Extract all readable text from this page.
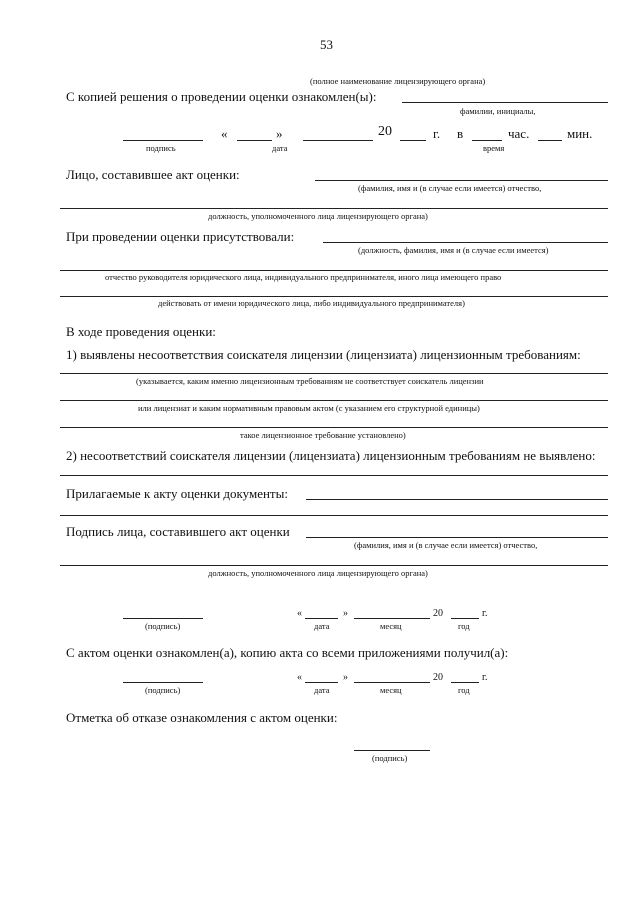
53
(полное наименование лицензирующего органа)
С копией решения о проведении оценки ознакомлен(ы):
фамилии, инициалы,
«	»	20	г. в	час.	мин.
подпись	дата	время
Лицо, составившее акт оценки:
(фамилия, имя и (в случае если имеется) отчество,
должность, уполномоченного лица лицензирующего органа)
При проведении оценки присутствовали:
(должность, фамилия, имя и (в случае если имеется)
отчество руководителя юридического лица, индивидуального предпринимателя, иного лица имеющего право
действовать от имени юридического лица, либо индивидуального предпринимателя)
В ходе проведения оценки:
1) выявлены несоответствия соискателя лицензии (лицензиата) лицензионным требованиям:
(указывается, каким именно лицензионным требованиям не соответствует соискатель лицензии
или лицензиат и каким нормативным правовым актом (с указанием его структурной единицы)
такое лицензионное требование установлено)
2) несоответствий соискателя лицензии (лицензиата) лицензионным требованиям не выявлено:
Прилагаемые к акту оценки документы:
Подпись лица, составившего акт оценки
(фамилия, имя и (в случае если имеется) отчество,
должность, уполномоченного лица лицензирующего органа)
«	»	20	г.
(подпись)	дата	месяц	год
С актом оценки ознакомлен(а), копию акта со всеми приложениями получил(а):
«	»	20	г.
(подпись)	дата	месяц	год
Отметка об отказе ознакомления с актом оценки:
(подпись)
